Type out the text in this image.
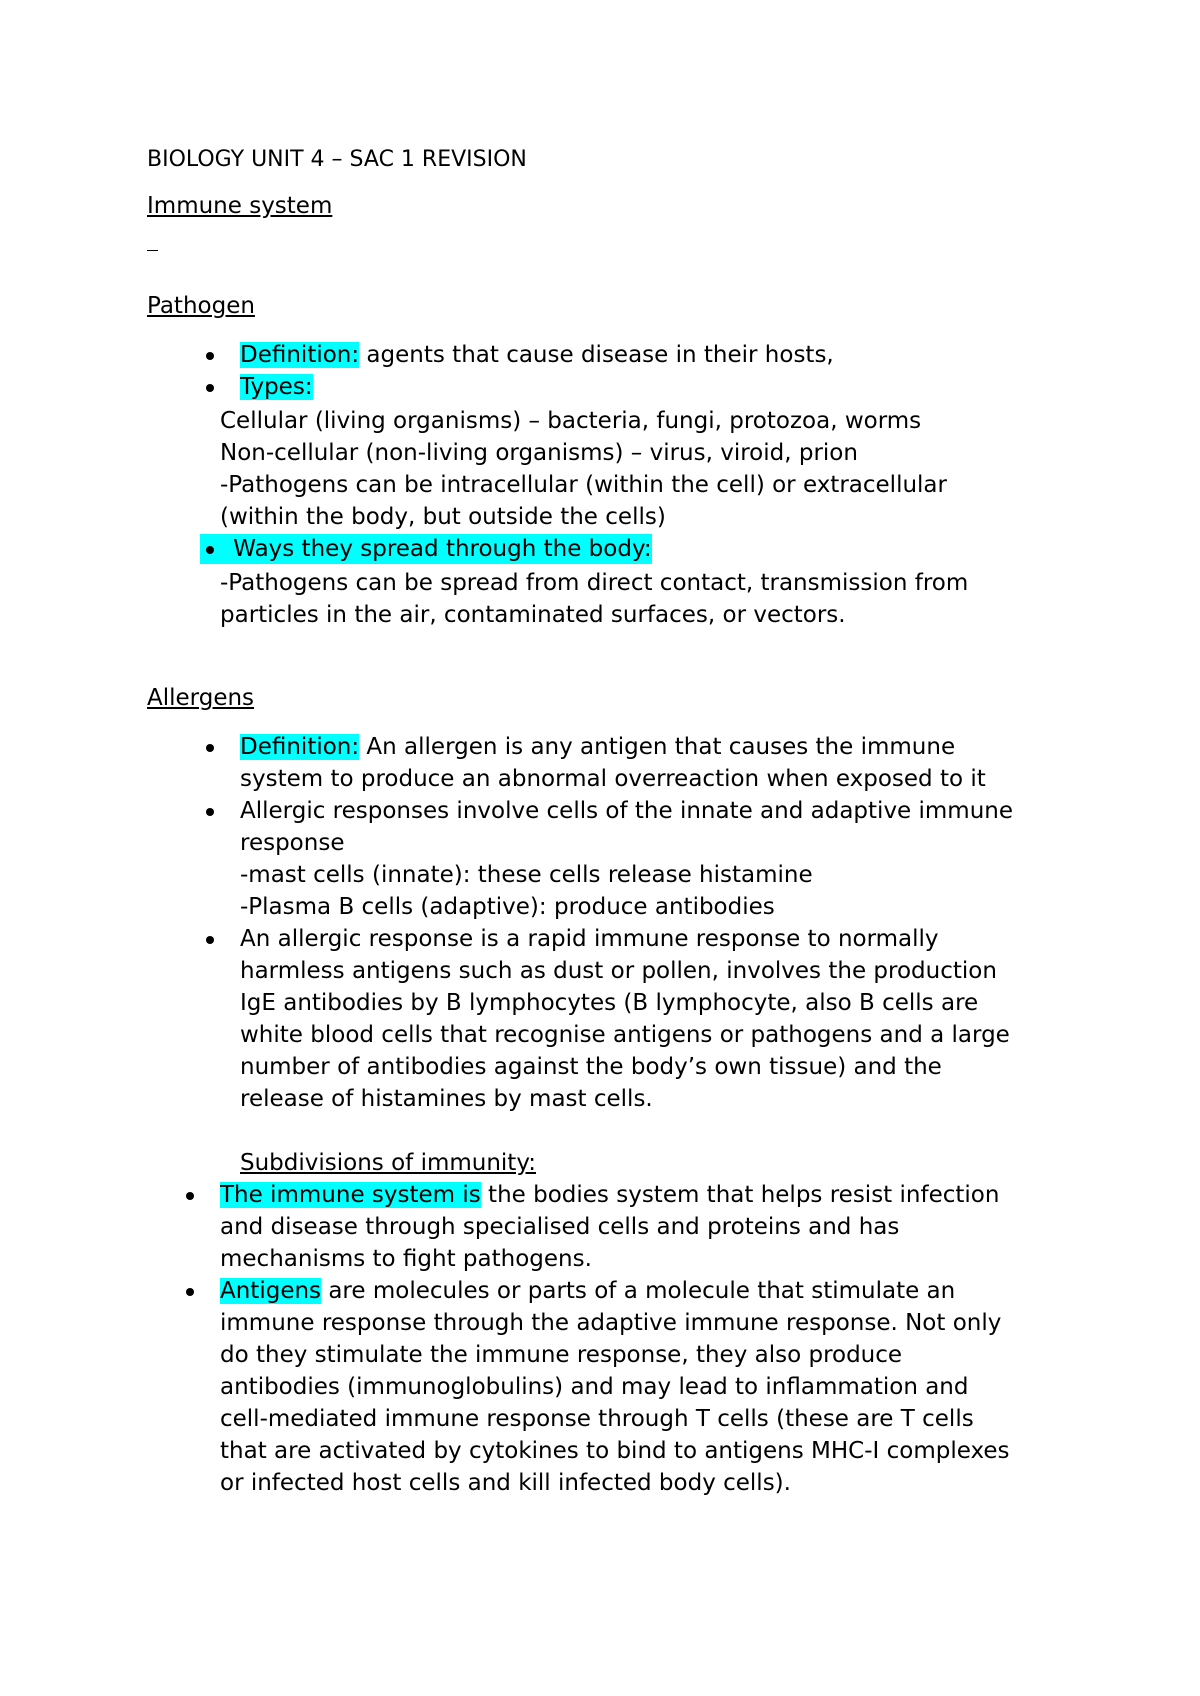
BIOLOGY UNIT 4 – SAC 1 REVISION
Immune system
Pathogen
Definition: agents that cause disease in their hosts,
Types:
Cellular (living organisms) – bacteria, fungi, protozoa, worms
Non-cellular (non-living organisms) – virus, viroid, prion
-Pathogens can be intracellular (within the cell) or extracellular
(within the body, but outside the cells)
Ways they spread through the body:
-Pathogens can be spread from direct contact, transmission from
particles in the air, contaminated surfaces, or vectors.
Allergens
Definition: An allergen is any antigen that causes the immune
system to produce an abnormal overreaction when exposed to it
Allergic responses involve cells of the innate and adaptive immune
response
-mast cells (innate): these cells release histamine
-Plasma B cells (adaptive): produce antibodies
An allergic response is a rapid immune response to normally
harmless antigens such as dust or pollen, involves the production
IgE antibodies by B lymphocytes (B lymphocyte, also B cells are
white blood cells that recognise antigens or pathogens and a large
number of antibodies against the body’s own tissue) and the
release of histamines by mast cells.
Subdivisions of immunity:
The immune system is the bodies system that helps resist infection
and disease through specialised cells and proteins and has
mechanisms to fight pathogens.
Antigens are molecules or parts of a molecule that stimulate an
immune response through the adaptive immune response. Not only
do they stimulate the immune response, they also produce
antibodies (immunoglobulins) and may lead to inflammation and
cell-mediated immune response through T cells (these are T cells
that are activated by cytokines to bind to antigens MHC-I complexes
or infected host cells and kill infected body cells).
